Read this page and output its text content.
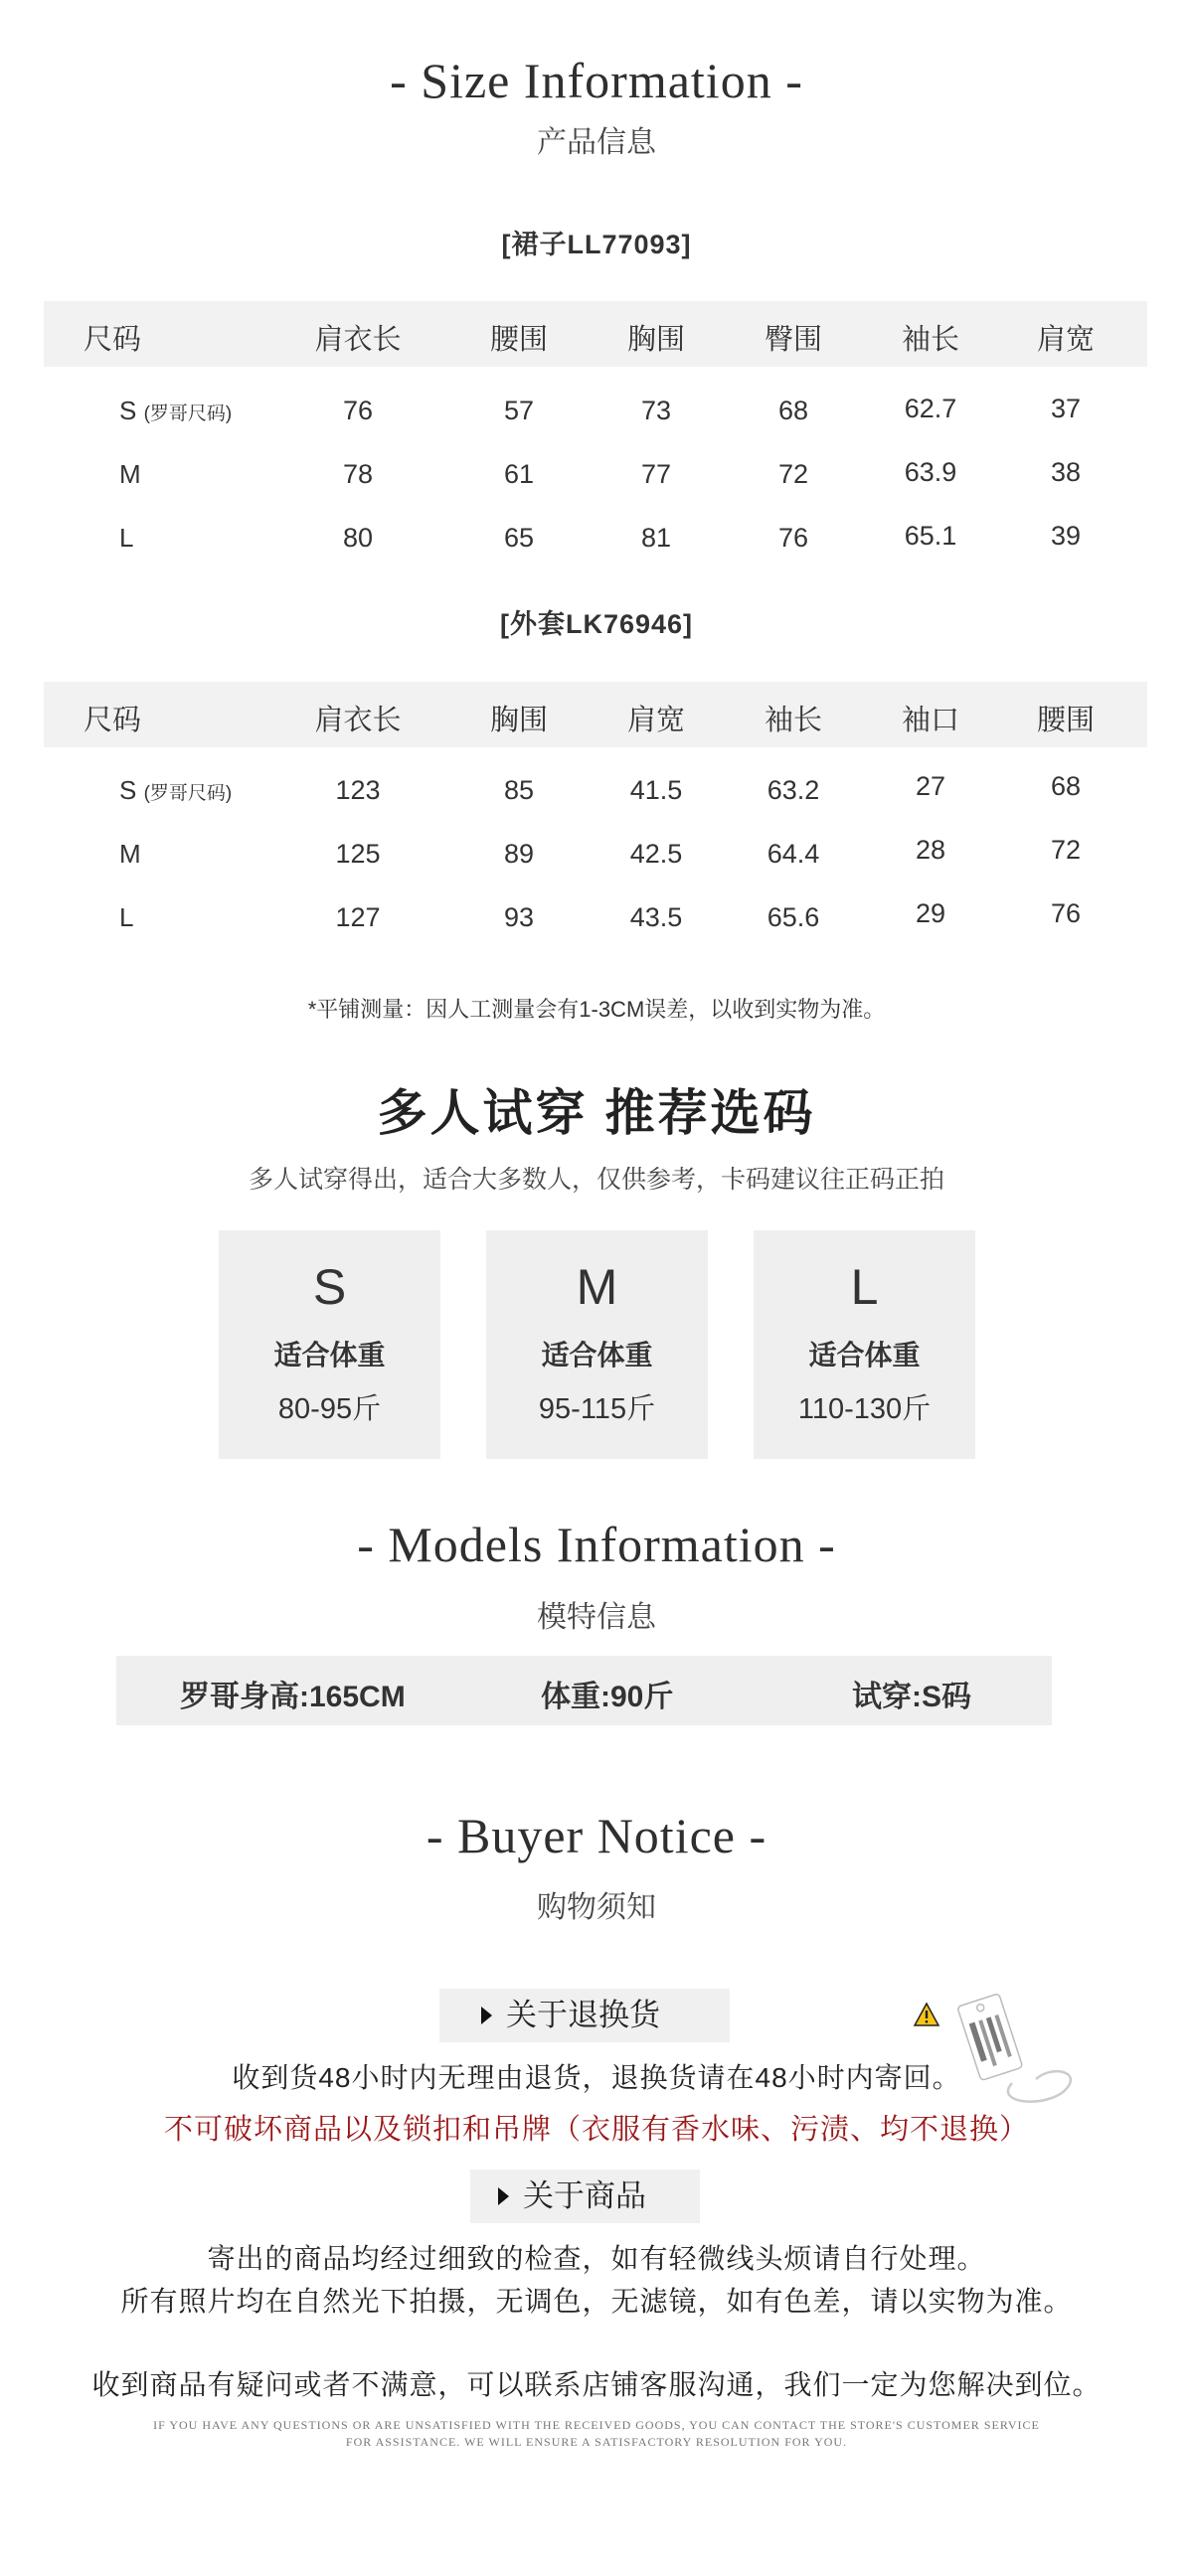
- Size Information -
产品信息
[裙子LL77093]
尺码	肩衣长	腰围	胸围	臀围	袖长	肩宽
S (罗哥尺码)	76	57	73	68	62.7	37
M	78	61	77	72	63.9	38
L	80	65	81	76	65.1	39
[外套LK76946]
尺码	肩衣长	胸围	肩宽	袖长	袖口	腰围
S (罗哥尺码)	123	85	41.5	63.2	27	68
M	125	89	42.5	64.4	28	72
L	127	93	43.5	65.6	29	76
*平铺测量：因人工测量会有1-3CM误差，以收到实物为准。
多人试穿 推荐选码
多人试穿得出，适合大多数人，仅供参考，卡码建议往正码正拍
S
适合体重
80-95斤
M
适合体重
95-115斤
L
适合体重
110-130斤
- Models Information -
模特信息
罗哥身高:165CM	体重:90斤	试穿:S码
- Buyer Notice -
购物须知
关于退换货
收到货48小时内无理由退货，退换货请在48小时内寄回。
不可破坏商品以及锁扣和吊牌（衣服有香水味、污渍、均不退换）
关于商品
寄出的商品均经过细致的检查，如有轻微线头烦请自行处理。
所有照片均在自然光下拍摄，无调色，无滤镜，如有色差，请以实物为准。
收到商品有疑问或者不满意，可以联系店铺客服沟通，我们一定为您解决到位。
IF YOU HAVE ANY QUESTIONS OR ARE UNSATISFIED WITH THE RECEIVED GOODS, YOU CAN CONTACT THE STORE'S CUSTOMER SERVICE
FOR ASSISTANCE. WE WILL ENSURE A SATISFACTORY RESOLUTION FOR YOU.
